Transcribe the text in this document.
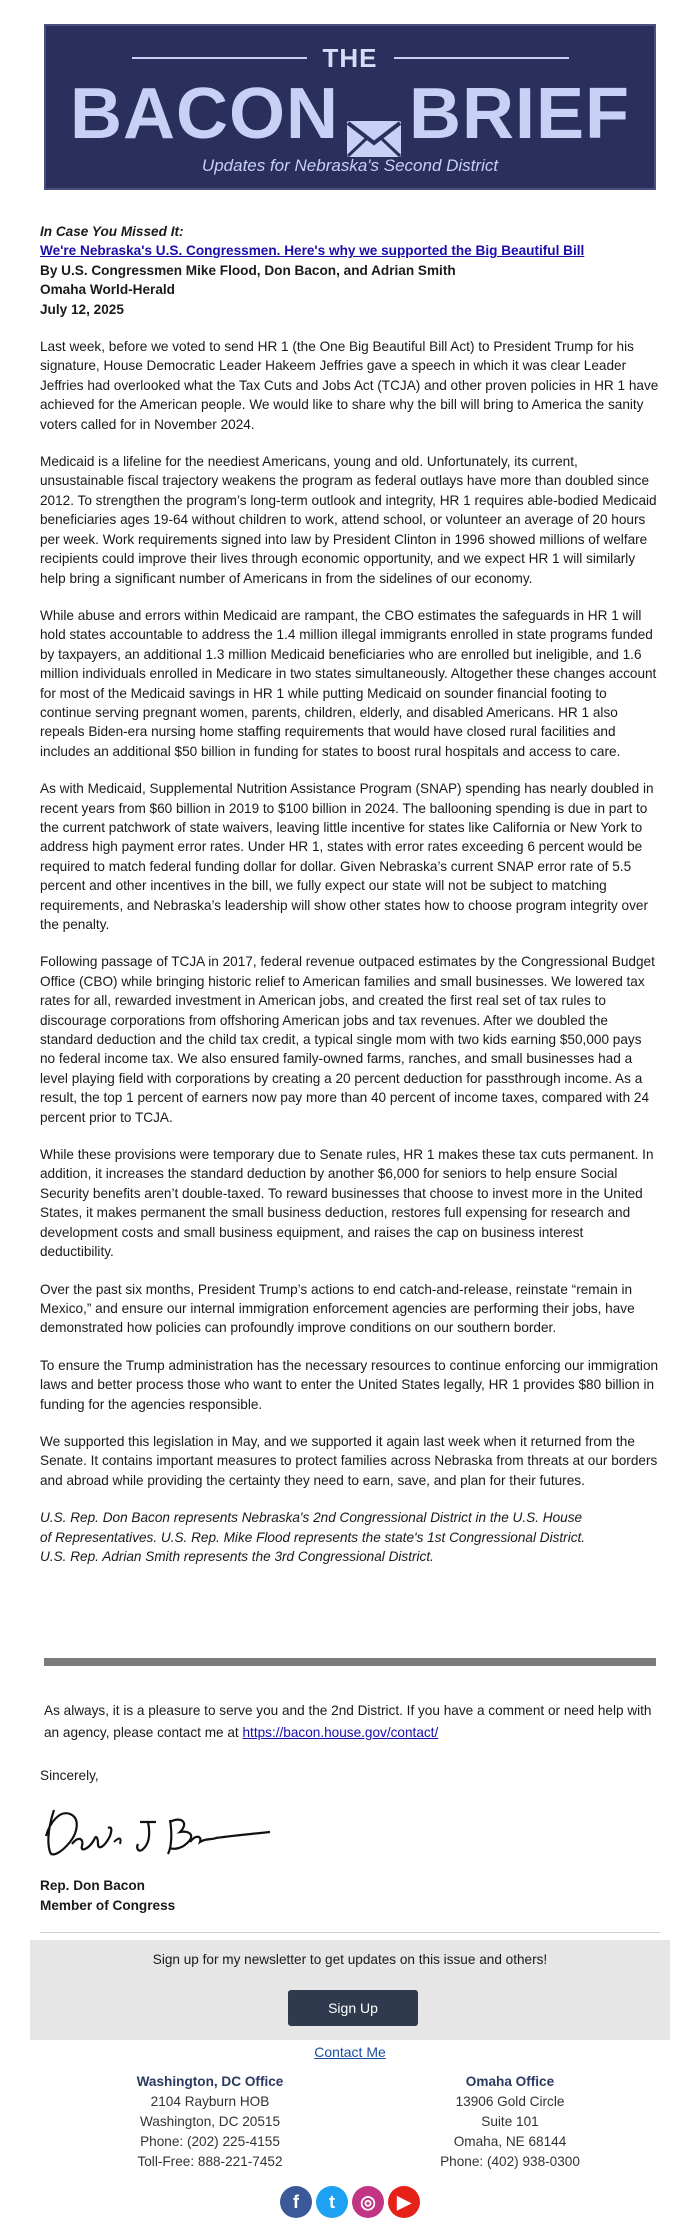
THE
BACON BRIEF
Updates for Nebraska's Second District

In Case You Missed It:

We're Nebraska's U.S. Congressmen. Here's why we supported the Big Beautiful Bill

By U.S. Congressmen Mike Flood, Don Bacon, and Adrian Smith

Omaha World-Herald

July 12, 2025

Last week, before we voted to send HR 1 (the One Big Beautiful Bill Act) to President Trump for his signature, House Democratic Leader Hakeem Jeffries gave a speech in which it was clear Leader Jeffries had overlooked what the Tax Cuts and Jobs Act (TCJA) and other proven policies in HR 1 have achieved for the American people. We would like to share why the bill will bring to America the sanity voters called for in November 2024.

Medicaid is a lifeline for the neediest Americans, young and old. Unfortunately, its current, unsustainable fiscal trajectory weakens the program as federal outlays have more than doubled since 2012. To strengthen the program’s long-term outlook and integrity, HR 1 requires able-bodied Medicaid beneficiaries ages 19-64 without children to work, attend school, or volunteer an average of 20 hours per week. Work requirements signed into law by President Clinton in 1996 showed millions of welfare recipients could improve their lives through economic opportunity, and we expect HR 1 will similarly help bring a significant number of Americans in from the sidelines of our economy.

While abuse and errors within Medicaid are rampant, the CBO estimates the safeguards in HR 1 will hold states accountable to address the 1.4 million illegal immigrants enrolled in state programs funded by taxpayers, an additional 1.3 million Medicaid beneficiaries who are enrolled but ineligible, and 1.6 million individuals enrolled in Medicare in two states simultaneously. Altogether these changes account for most of the Medicaid savings in HR 1 while putting Medicaid on sounder financial footing to continue serving pregnant women, parents, children, elderly, and disabled Americans. HR 1 also repeals Biden-era nursing home staffing requirements that would have closed rural facilities and includes an additional $50 billion in funding for states to boost rural hospitals and access to care.

As with Medicaid, Supplemental Nutrition Assistance Program (SNAP) spending has nearly doubled in recent years from $60 billion in 2019 to $100 billion in 2024. The ballooning spending is due in part to the current patchwork of state waivers, leaving little incentive for states like California or New York to address high payment error rates. Under HR 1, states with error rates exceeding 6 percent would be required to match federal funding dollar for dollar. Given Nebraska’s current SNAP error rate of 5.5 percent and other incentives in the bill, we fully expect our state will not be subject to matching requirements, and Nebraska’s leadership will show other states how to choose program integrity over the penalty.

Following passage of TCJA in 2017, federal revenue outpaced estimates by the Congressional Budget Office (CBO) while bringing historic relief to American families and small businesses. We lowered tax rates for all, rewarded investment in American jobs, and created the first real set of tax rules to discourage corporations from offshoring American jobs and tax revenues. After we doubled the standard deduction and the child tax credit, a typical single mom with two kids earning $50,000 pays no federal income tax. We also ensured family-owned farms, ranches, and small businesses had a level playing field with corporations by creating a 20 percent deduction for passthrough income. As a result, the top 1 percent of earners now pay more than 40 percent of income taxes, compared with 24 percent prior to TCJA.

While these provisions were temporary due to Senate rules, HR 1 makes these tax cuts permanent. In addition, it increases the standard deduction by another $6,000 for seniors to help ensure Social Security benefits aren’t double-taxed. To reward businesses that choose to invest more in the United States, it makes permanent the small business deduction, restores full expensing for research and development costs and small business equipment, and raises the cap on business interest deductibility.

Over the past six months, President Trump’s actions to end catch-and-release, reinstate “remain in Mexico,” and ensure our internal immigration enforcement agencies are performing their jobs, have demonstrated how policies can profoundly improve conditions on our southern border.

To ensure the Trump administration has the necessary resources to continue enforcing our immigration laws and better process those who want to enter the United States legally, HR 1 provides $80 billion in funding for the agencies responsible.

We supported this legislation in May, and we supported it again last week when it returned from the Senate. It contains important measures to protect families across Nebraska from threats at our borders and abroad while providing the certainty they need to earn, save, and plan for their futures.

U.S. Rep. Don Bacon represents Nebraska's 2nd Congressional District in the U.S. House
of Representatives. U.S. Rep. Mike Flood represents the state's 1st Congressional District.
U.S. Rep. Adrian Smith represents the 3rd Congressional District.
As always, it is a pleasure to serve you and the 2nd District. If you have a comment or need help with an agency, please contact me at https://bacon.house.gov/contact/
Sincerely,
Rep. Don Bacon
Member of Congress
Sign up for my newsletter to get updates on this issue and others!
Sign Up
Contact Me
Washington, DC Office
2104 Rayburn HOB
Washington, DC 20515
Phone: (202) 225-4155
Toll-Free: 888-221-7452
Omaha Office
13906 Gold Circle
Suite 101
Omaha, NE 68144
Phone: (402) 938-0300
f	t	◎	▶
